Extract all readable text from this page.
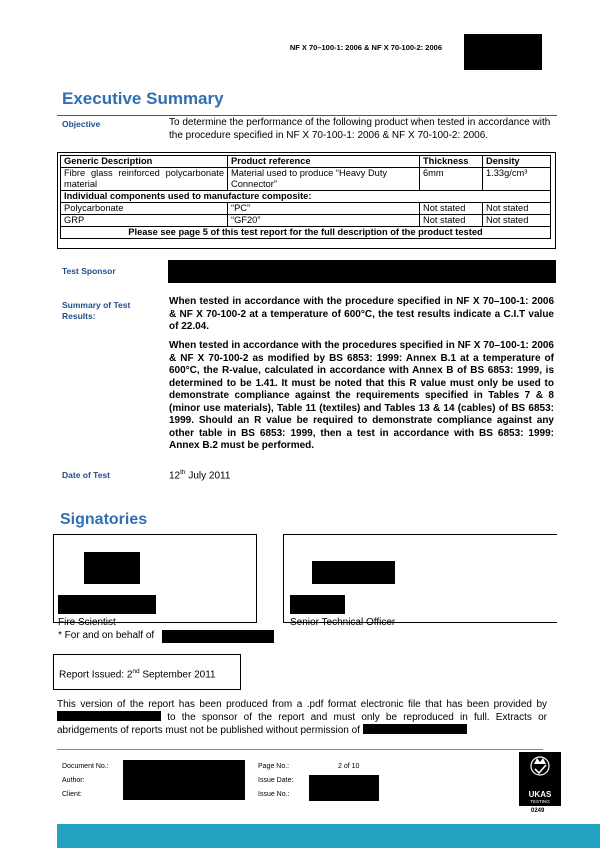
NF X 70–100-1: 2006 & NF X 70-100-2: 2006
Executive Summary
Objective	To determine the performance of the following product when tested in accordance with the procedure specified in NF X 70-100-1: 2006 & NF X 70-100-2: 2006.
Generic Description	Product reference	Thickness	Density
Fibre glass reinforced polycarbonate material	Material used to produce “Heavy Duty Connector”	6mm	1.33g/cm³
Individual components used to manufacture composite:			
Polycarbonate	“PC”	Not stated	Not stated
GRP	“GF20”	Not stated	Not stated
Please see page 5 of this test report for the full description of the product tested			
Test Sponsor
Summary of Test Results:
When tested in accordance with the procedure specified in NF X 70–100-1: 2006 & NF X 70-100-2 at a temperature of 600°C, the test results indicate a C.I.T value of 22.04.
When tested in accordance with the procedures specified in NF X 70–100-1: 2006 & NF X 70-100-2 as modified by BS 6853: 1999: Annex B.1 at a temperature of 600°C, the R-value, calculated in accordance with Annex B of BS 6853: 1999, is determined to be 1.41. It must be noted that this R value must only be used to demonstrate compliance against the requirements specified in Tables 7 & 8 (minor use materials), Table 11 (textiles) and Tables 13 & 14 (cables) of BS 6853: 1999. Should an R value be required to demonstrate compliance against any other table in BS 6853: 1999, then a test in accordance with BS 6853: 1999: Annex B.2 must be performed.
Date of Test	12th July 2011
Signatories
Fire Scientist	Senior Technical Officer
* For and on behalf of
Report Issued: 2nd September 2011
This version of the report has been produced from a .pdf format electronic file that has been provided by  to the sponsor of the report and must only be reproduced in full. Extracts or abridgements of reports must not be published without permission of
Document No.:
Author:
Client:
Page No.:	2 of 10
Issue Date:
Issue No.:	UKAS
TESTING
0249
